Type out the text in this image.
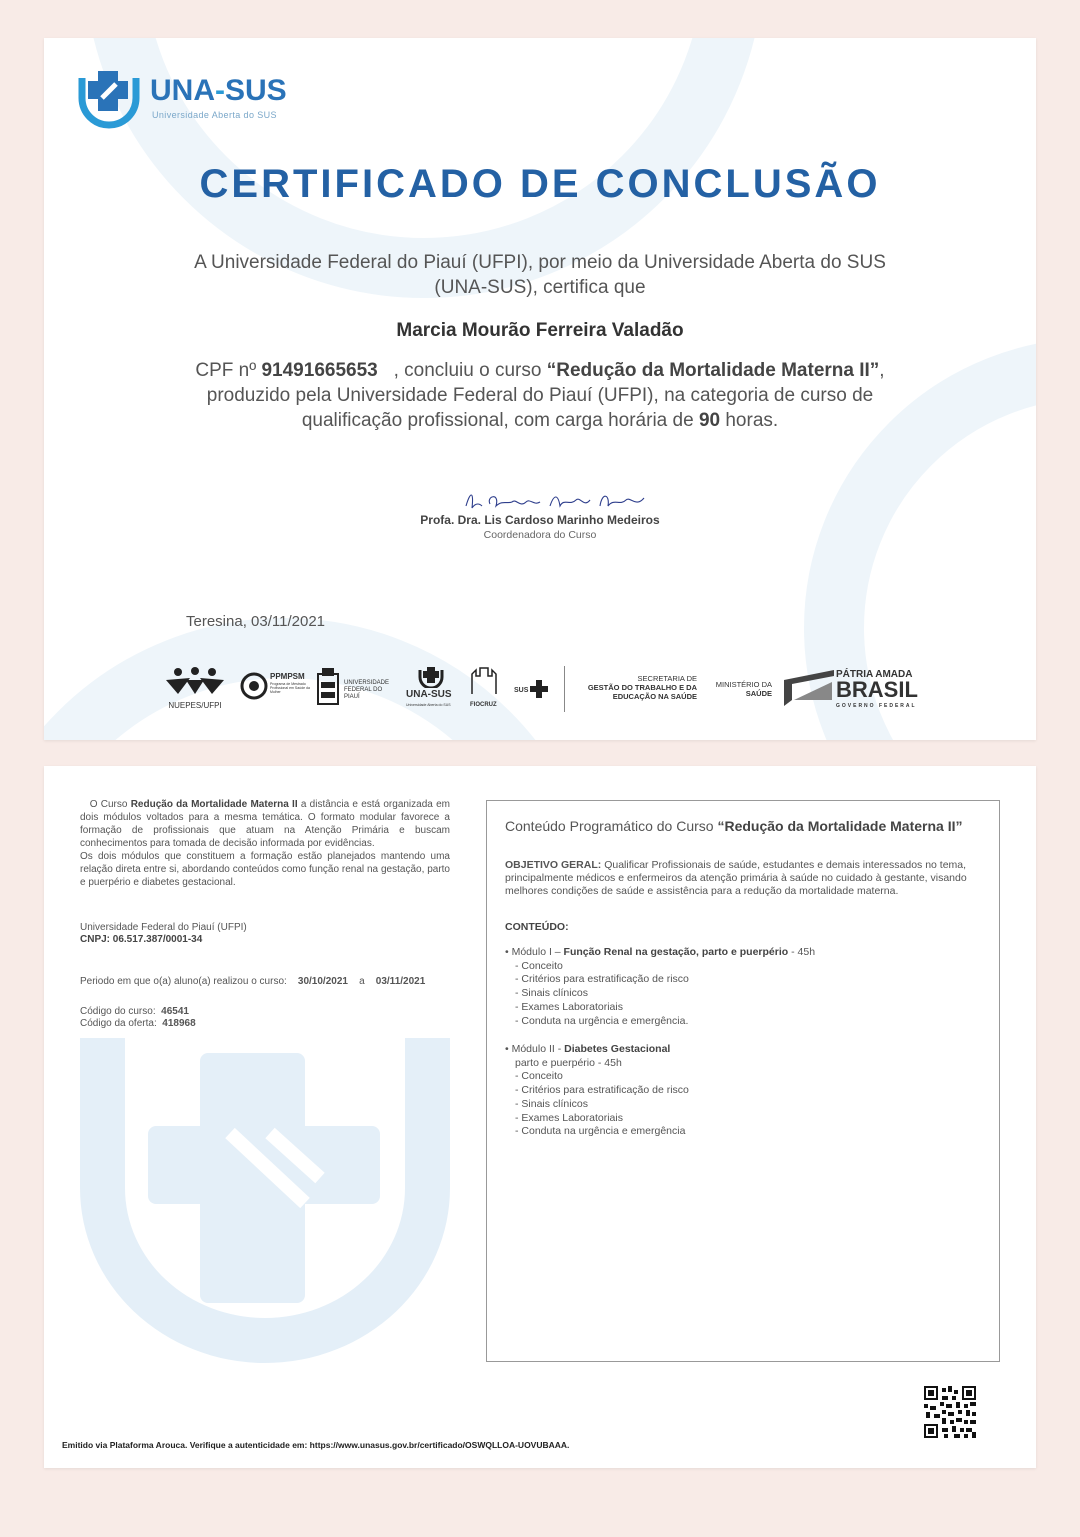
UNA-SUS
Universidade Aberta do SUS
CERTIFICADO DE CONCLUSÃO
A Universidade Federal do Piauí (UFPI), por meio da Universidade Aberta do SUS (UNA-SUS), certifica que
Marcia Mourão Ferreira Valadão
CPF nº 91491665653 , concluiu o curso “Redução da Mortalidade Materna II”, produzido pela Universidade Federal do Piauí (UFPI), na categoria de curso de qualificação profissional, com carga horária de 90 horas.
Profa. Dra. Lis Cardoso Marinho Medeiros
Coordenadora do Curso
Teresina, 03/11/2021
NUEPES/UFPI
PPMPSM
Programa de Mestrado Profissional em Saúde da Mulher
UNIVERSIDADE
FEDERAL DO PIAUÍ	UNA-SUS
Universidade Aberta do SUS	FIOCRUZ
SUS
SECRETARIA DE
GESTÃO DO TRABALHO E DA
EDUCAÇÃO NA SAÚDE
MINISTÉRIO DA
SAÚDE
PÁTRIA AMADA
BRASIL
GOVERNO FEDERAL
O Curso Redução da Mortalidade Materna II a distância e está organizada em dois módulos voltados para a mesma temática. O formato modular favorece a formação de profissionais que atuam na Atenção Primária e buscam conhecimentos para tomada de decisão informada por evidências.
Os dois módulos que constituem a formação estão planejados mantendo uma relação direta entre si, abordando conteúdos como função renal na gestação, parto e puerpério e diabetes gestacional.
Universidade Federal do Piauí (UFPI)
CNPJ: 06.517.387/0001-34
Periodo em que o(a) aluno(a) realizou o curso: 30/10/2021 a 03/11/2021
Código do curso: 46541
Código da oferta: 418968
Conteúdo Programático do Curso “Redução da Mortalidade Materna II”
OBJETIVO GERAL: Qualificar Profissionais de saúde, estudantes e demais interessados no tema, principalmente médicos e enfermeiros da atenção primária à saúde no cuidado à gestante, visando melhores condições de saúde e assistência para a redução da mortalidade materna.
CONTEÚDO:
• Módulo I – Função Renal na gestação, parto e puerpério - 45h
- Conceito
- Critérios para estratificação de risco
- Sinais clínicos
- Exames Laboratoriais
- Conduta na urgência e emergência.
• Módulo II - Diabetes Gestacional
parto e puerpério - 45h
- Conceito
- Critérios para estratificação de risco
- Sinais clínicos
- Exames Laboratoriais
- Conduta na urgência e emergência
Emitido via Plataforma Arouca. Verifique a autenticidade em: https://www.unasus.gov.br/certificado/OSWQLLOA-UOVUBAAA.
